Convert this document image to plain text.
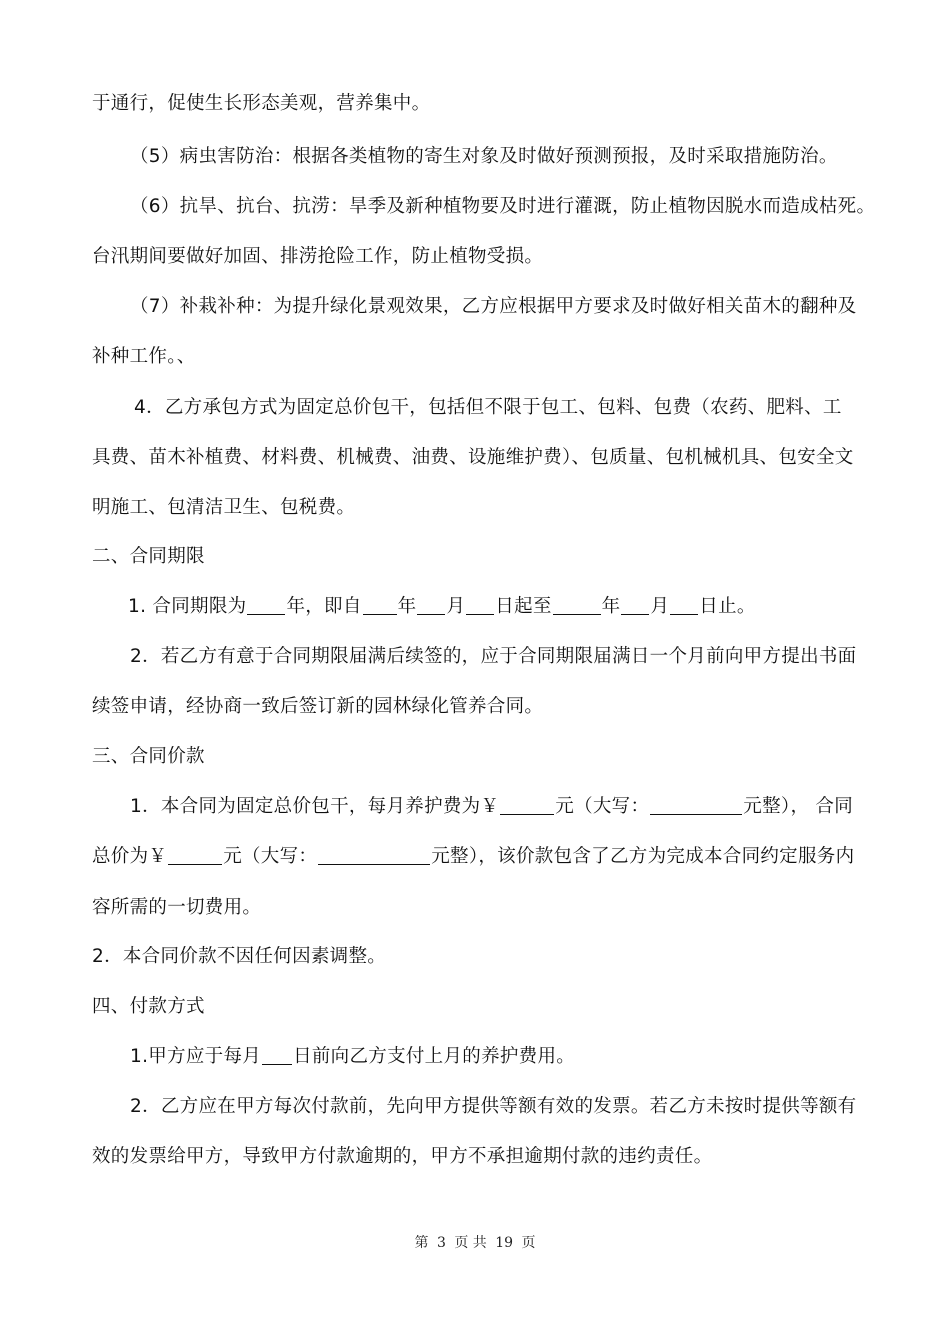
于通行，促使生长形态美观，营养集中。
（5）病虫害防治：根据各类植物的寄生对象及时做好预测预报，及时采取措施防治。
（6）抗旱、抗台、抗涝：旱季及新种植物要及时进行灌溉，防止植物因脱水而造成枯死。
台汛期间要做好加固、排涝抢险工作，防止植物受损。
（7）补栽补种：为提升绿化景观效果，乙方应根据甲方要求及时做好相关苗木的翻种及
补种工作。、
4．乙方承包方式为固定总价包干，包括但不限于包工、包料、包费（农药、肥料、工
具费、苗木补植费、材料费、机械费、油费、设施维护费）、包质量、包机械机具、包安全文
明施工、包清洁卫生、包税费。
二、合同期限
1. 合同期限为 年，即自 年 月 日起至	年 月 日止。
2．若乙方有意于合同期限届满后续签的，应于合同期限届满日一个月前向甲方提出书面
续签申请，经协商一致后签订新的园林绿化管养合同。
三、合同价款
1．本合同为固定总价包干，每月养护费为￥	元（大写：	元整）， 合同
总价为￥	元（大写：	元整），该价款包含了乙方为完成本合同约定服务内
容所需的一切费用。
2．本合同价款不因任何因素调整。
四、付款方式
1.甲方应于每月 日前向乙方支付上月的养护费用。
2．乙方应在甲方每次付款前，先向甲方提供等额有效的发票。若乙方未按时提供等额有
效的发票给甲方，导致甲方付款逾期的，甲方不承担逾期付款的违约责任。
第 3 页 共 19 页
